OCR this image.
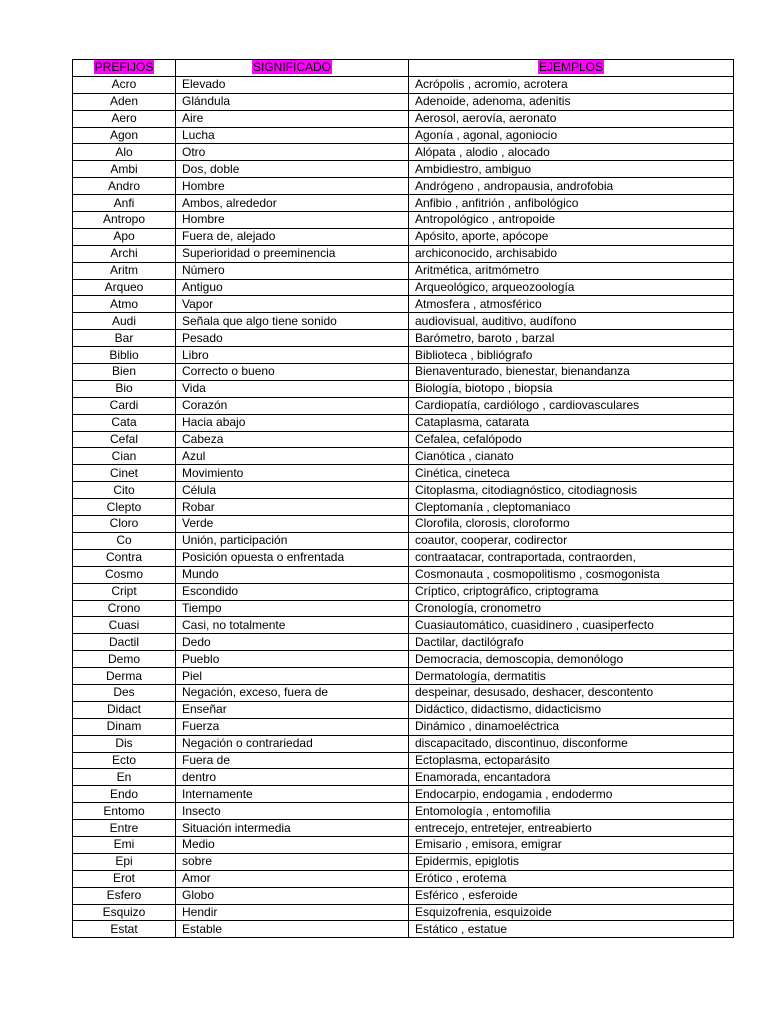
PREFIJOS	SIGNIFICADO	EJEMPLOS
Acro	Elevado	Acrópolis , acromio, acrotera
Aden	Glándula	Adenoide, adenoma, adenitis
Aero	Aire	Aerosol, aerovía, aeronato
Agon	Lucha	Agonía , agonal, agoniocio
Alo	Otro	Alópata , alodio , alocado
Ambi	Dos, doble	Ambidiestro, ambiguo
Andro	Hombre	Andrógeno , andropausia, androfobia
Anfi	Ambos, alrededor	Anfibio , anfitrión , anfibológico
Antropo	Hombre	Antropológico , antropoide
Apo	Fuera de, alejado	Apósito, aporte, apócope
Archi	Superioridad o preeminencia	archiconocido, archisabido
Aritm	Número	Aritmética, aritmómetro
Arqueo	Antiguo	Arqueológico, arqueozoología
Atmo	Vapor	Atmosfera , atmosférico
Audi	Señala que algo tiene sonido	audiovisual, auditivo, audífono
Bar	Pesado	Barómetro, baroto , barzal
Biblio	Libro	Biblioteca , bibliógrafo
Bien	Correcto o bueno	Bienaventurado, bienestar, bienandanza
Bio	Vida	Biología, biotopo , biopsia
Cardi	Corazón	Cardiopatía, cardiólogo , cardiovasculares
Cata	Hacia abajo	Cataplasma, catarata
Cefal	Cabeza	Cefalea, cefalópodo
Cian	Azul	Cianótica , cianato
Cinet	Movimiento	Cinética, cineteca
Cito	Célula	Citoplasma, citodiagnóstico, citodiagnosis
Clepto	Robar	Cleptomanía , cleptomaniaco
Cloro	Verde	Clorofila, clorosis, cloroformo
Co	Unión, participación	coautor, cooperar, codirector
Contra	Posición opuesta o enfrentada	contraatacar, contraportada, contraorden,
Cosmo	Mundo	Cosmonauta , cosmopolitismo , cosmogonista
Cript	Escondido	Críptico, criptográfico, criptograma
Crono	Tiempo	Cronología, cronometro
Cuasi	Casi, no totalmente	Cuasiautomático, cuasidinero , cuasiperfecto
Dactil	Dedo	Dactilar, dactilógrafo
Demo	Pueblo	Democracia, demoscopia, demonólogo
Derma	Piel	Dermatología, dermatitis
Des	Negación, exceso, fuera de	despeinar, desusado, deshacer, descontento
Didact	Enseñar	Didáctico, didactismo, didacticismo
Dinam	Fuerza	Dinámico , dinamoeléctrica
Dis	Negación o contrariedad	discapacitado, discontinuo, disconforme
Ecto	Fuera de	Ectoplasma, ectoparásito
En	dentro	Enamorada, encantadora
Endo	Internamente	Endocarpio, endogamia , endodermo
Entomo	Insecto	Entomología , entomofilia
Entre	Situación intermedia	entrecejo, entretejer, entreabierto
Emi	Medio	Emisario , emisora, emigrar
Epi	sobre	Epidermis, epiglotis
Erot	Amor	Erótico , erotema
Esfero	Globo	Esférico , esferoide
Esquizo	Hendir	Esquizofrenia, esquizoide
Estat	Estable	Estático , estatue
